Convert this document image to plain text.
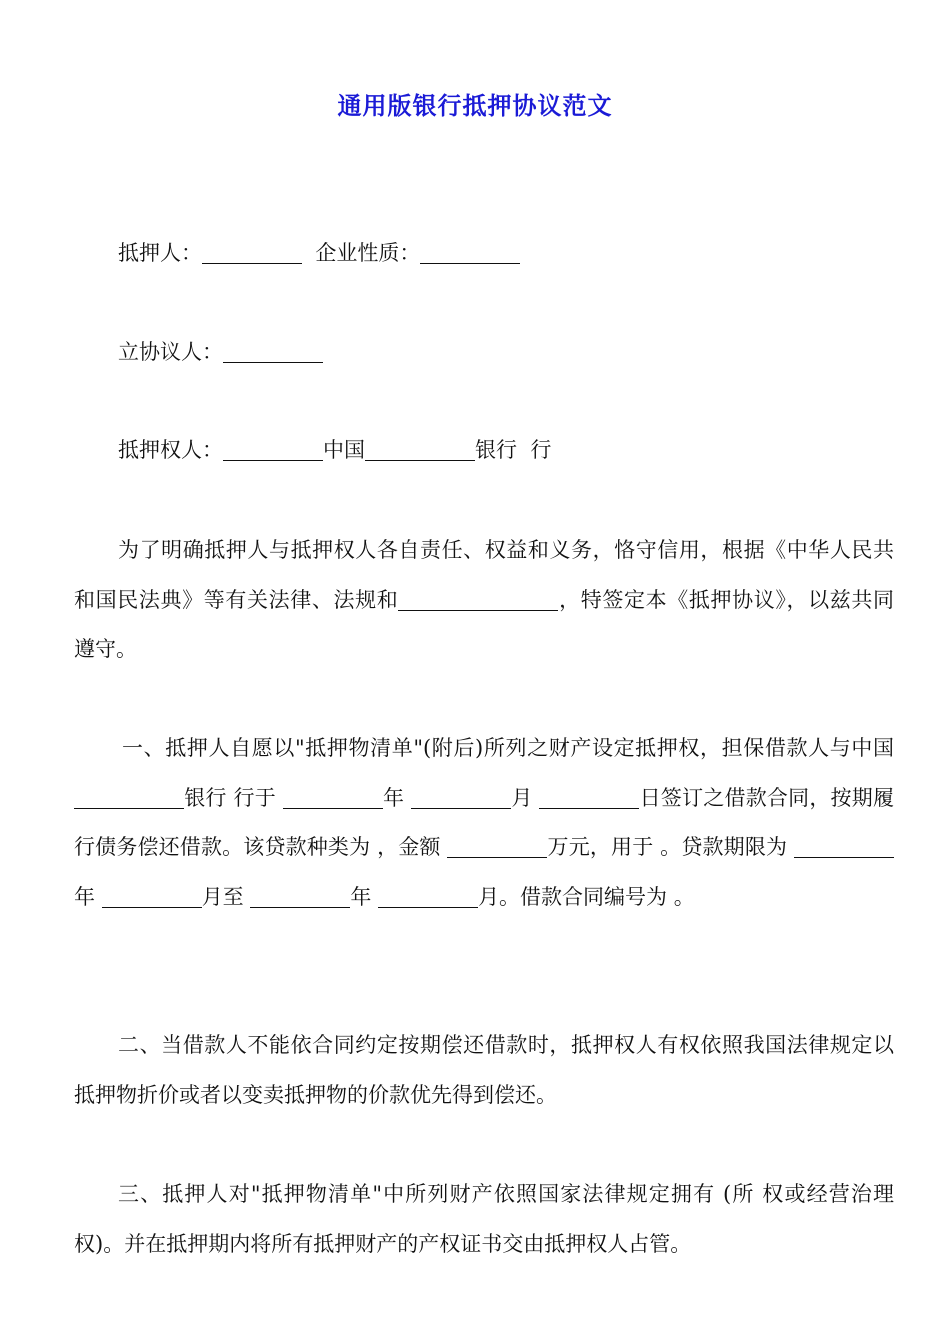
通用版银行抵押协议范文
抵押人：	企业性质：
立协议人：
抵押权人：	中国	银行 行
为了明确抵押人与抵押权人各自责任、权益和义务，恪守信用，根据《中华人民共和国民法典》等有关法律、法规和	，特签定本《抵押协议》，以兹共同遵守。
一、抵押人自愿以"抵押物清单"(附后)所列之财产设定抵押权，担保借款人与中国银行 行于	年	月	日签订之借款合同，按期履行债务偿还借款。该贷款种类为 ，金额	万元，用于 。贷款期限为 年	月至	年	月。借款合同编号为 。
二、当借款人不能依合同约定按期偿还借款时，抵押权人有权依照我国法律规定以抵押物折价或者以变卖抵押物的价款优先得到偿还。
三、抵押人对"抵押物清单"中所列财产依照国家法律规定拥有 (所 权或经营治理权)。并在抵押期内将所有抵押财产的产权证书交由抵押权人占管。
